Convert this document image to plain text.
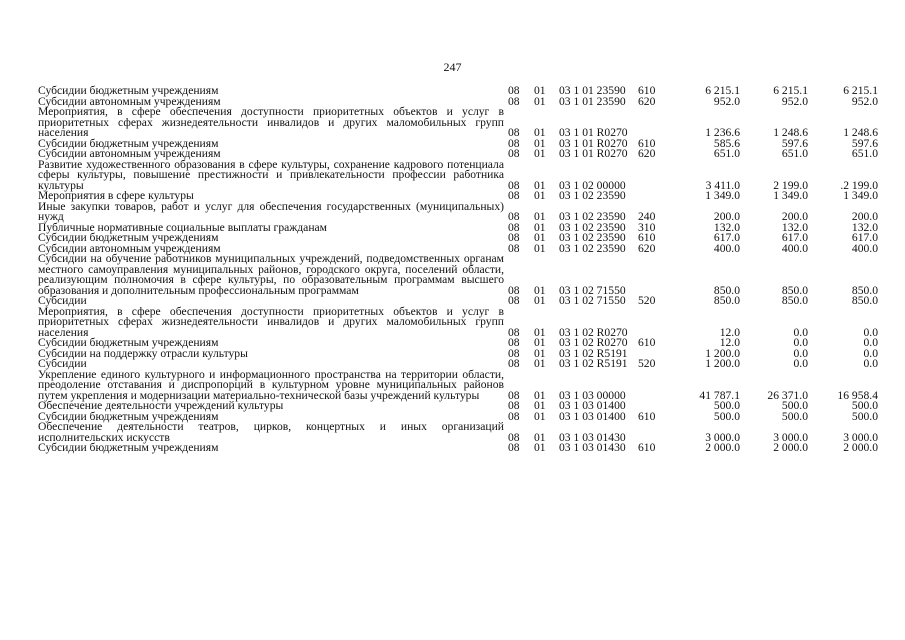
247
Субсидии бюджетным учреждениям	08	01	03 1 01 23590	610	6 215.1	6 215.1	6 215.1
Субсидии автономным учреждениям	08	01	03 1 01 23590	620	952.0	952.0	952.0
Мероприятия, в сфере обеспечения доступности приоритетных объектов и услуг в приоритетных сферах жизнедеятельности инвалидов и других маломобильных групп населения	08	01	03 1 01 R0270		1 236.6	1 248.6	1 248.6
Субсидии бюджетным учреждениям	08	01	03 1 01 R0270	610	585.6	597.6	597.6
Субсидии автономным учреждениям	08	01	03 1 01 R0270	620	651.0	651.0	651.0
Развитие художественного образования в сфере культуры, сохранение кадрового потенциала сферы культуры, повышение престижности и привлекательности профессии работника культуры	08	01	03 1 02 00000		3 411.0	2 199.0	.2 199.0
Мероприятия в сфере культуры	08	01	03 1 02 23590		1 349.0	1 349.0	1 349.0
Иные закупки товаров, работ и услуг для обеспечения государственных (муниципальных) нужд	08	01	03 1 02 23590	240	200.0	200.0	200.0
Публичные нормативные социальные выплаты гражданам	08	01	03 1 02 23590	310	132.0	132.0	132.0
Субсидии бюджетным учреждениям	08	01	03 1 02 23590	610	617.0	617.0	617.0
Субсидии автономным учреждениям	08	01	03 1 02 23590	620	400.0	400.0	400.0
Субсидии на обучение работников муниципальных учреждений, подведомственных органам местного самоуправления муниципальных районов, городского округа, поселений области, реализующим полномочия в сфере культуры, по образовательным программам высшего образования и дополнительным профессиональным программам	08	01	03 1 02 71550		850.0	850.0	850.0
Субсидии	08	01	03 1 02 71550	520	850.0	850.0	850.0
Мероприятия, в сфере обеспечения доступности приоритетных объектов и услуг в приоритетных сферах жизнедеятельности инвалидов и других маломобильных групп населения	08	01	03 1 02 R0270		12.0	0.0	0.0
Субсидии бюджетным учреждениям	08	01	03 1 02 R0270	610	12.0	0.0	0.0
Субсидии на поддержку отрасли культуры	08	01	03 1 02 R5191		1 200.0	0.0	0.0
Субсидии	08	01	03 1 02 R5191	520	1 200.0	0.0	0.0
Укрепление единого культурного и информационного пространства на территории области, преодоление отставания и диспропорций в культурном уровне муниципальных районов путем укрепления и модернизации материально-технической базы учреждений культуры	08	01	03 1 03 00000		41 787.1	26 371.0	16 958.4
Обеспечение деятельности учреждений культуры	08	01	03 1 03 01400		500.0	500.0	500.0
Субсидии бюджетным учреждениям	08	01	03 1 03 01400	610	500.0	500.0	500.0
Обеспечение деятельности театров, цирков, концертных и иных организаций исполнительских искусств	08	01	03 1 03 01430		3 000.0	3 000.0	3 000.0
Субсидии бюджетным учреждениям	08	01	03 1 03 01430	610	2 000.0	2 000.0	2 000.0
